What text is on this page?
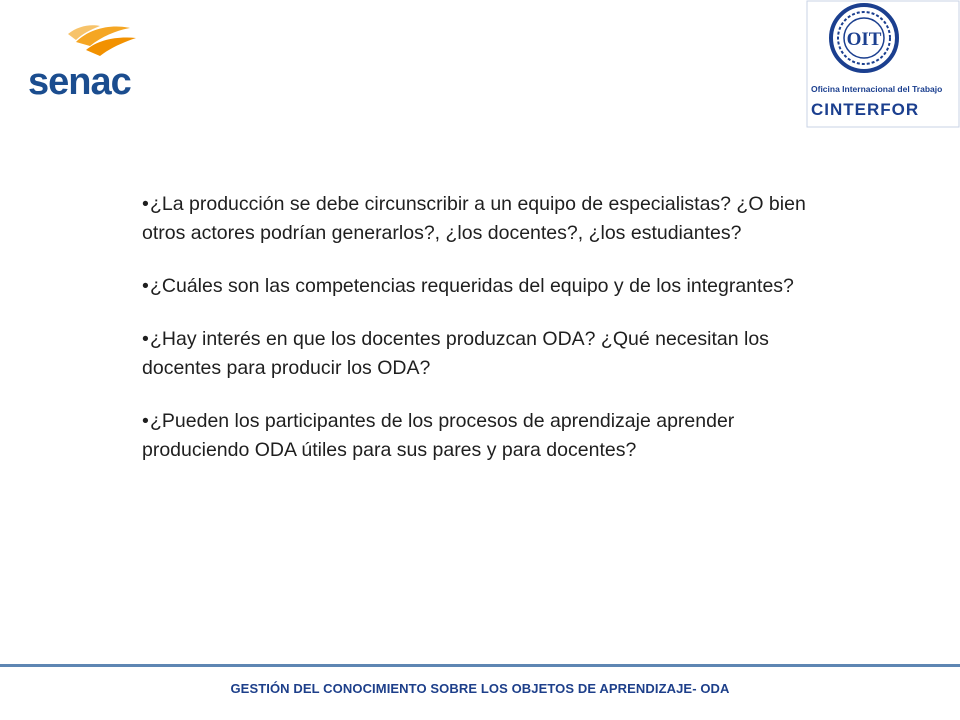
senac
OIT
Oficina Internacional del Trabajo
CINTERFOR

•¿La producción se debe circunscribir a un equipo de especialistas? ¿O bien otros actores podrían generarlos?, ¿los docentes?, ¿los estudiantes?

•¿Cuáles son las competencias requeridas del equipo y de los integrantes?

•¿Hay interés en que los docentes produzcan ODA? ¿Qué necesitan los docentes para producir los ODA?

•¿Pueden los participantes de los procesos de aprendizaje aprender produciendo ODA útiles para sus pares y para docentes?

GESTIÓN DEL CONOCIMIENTO SOBRE LOS OBJETOS DE APRENDIZAJE- ODA
